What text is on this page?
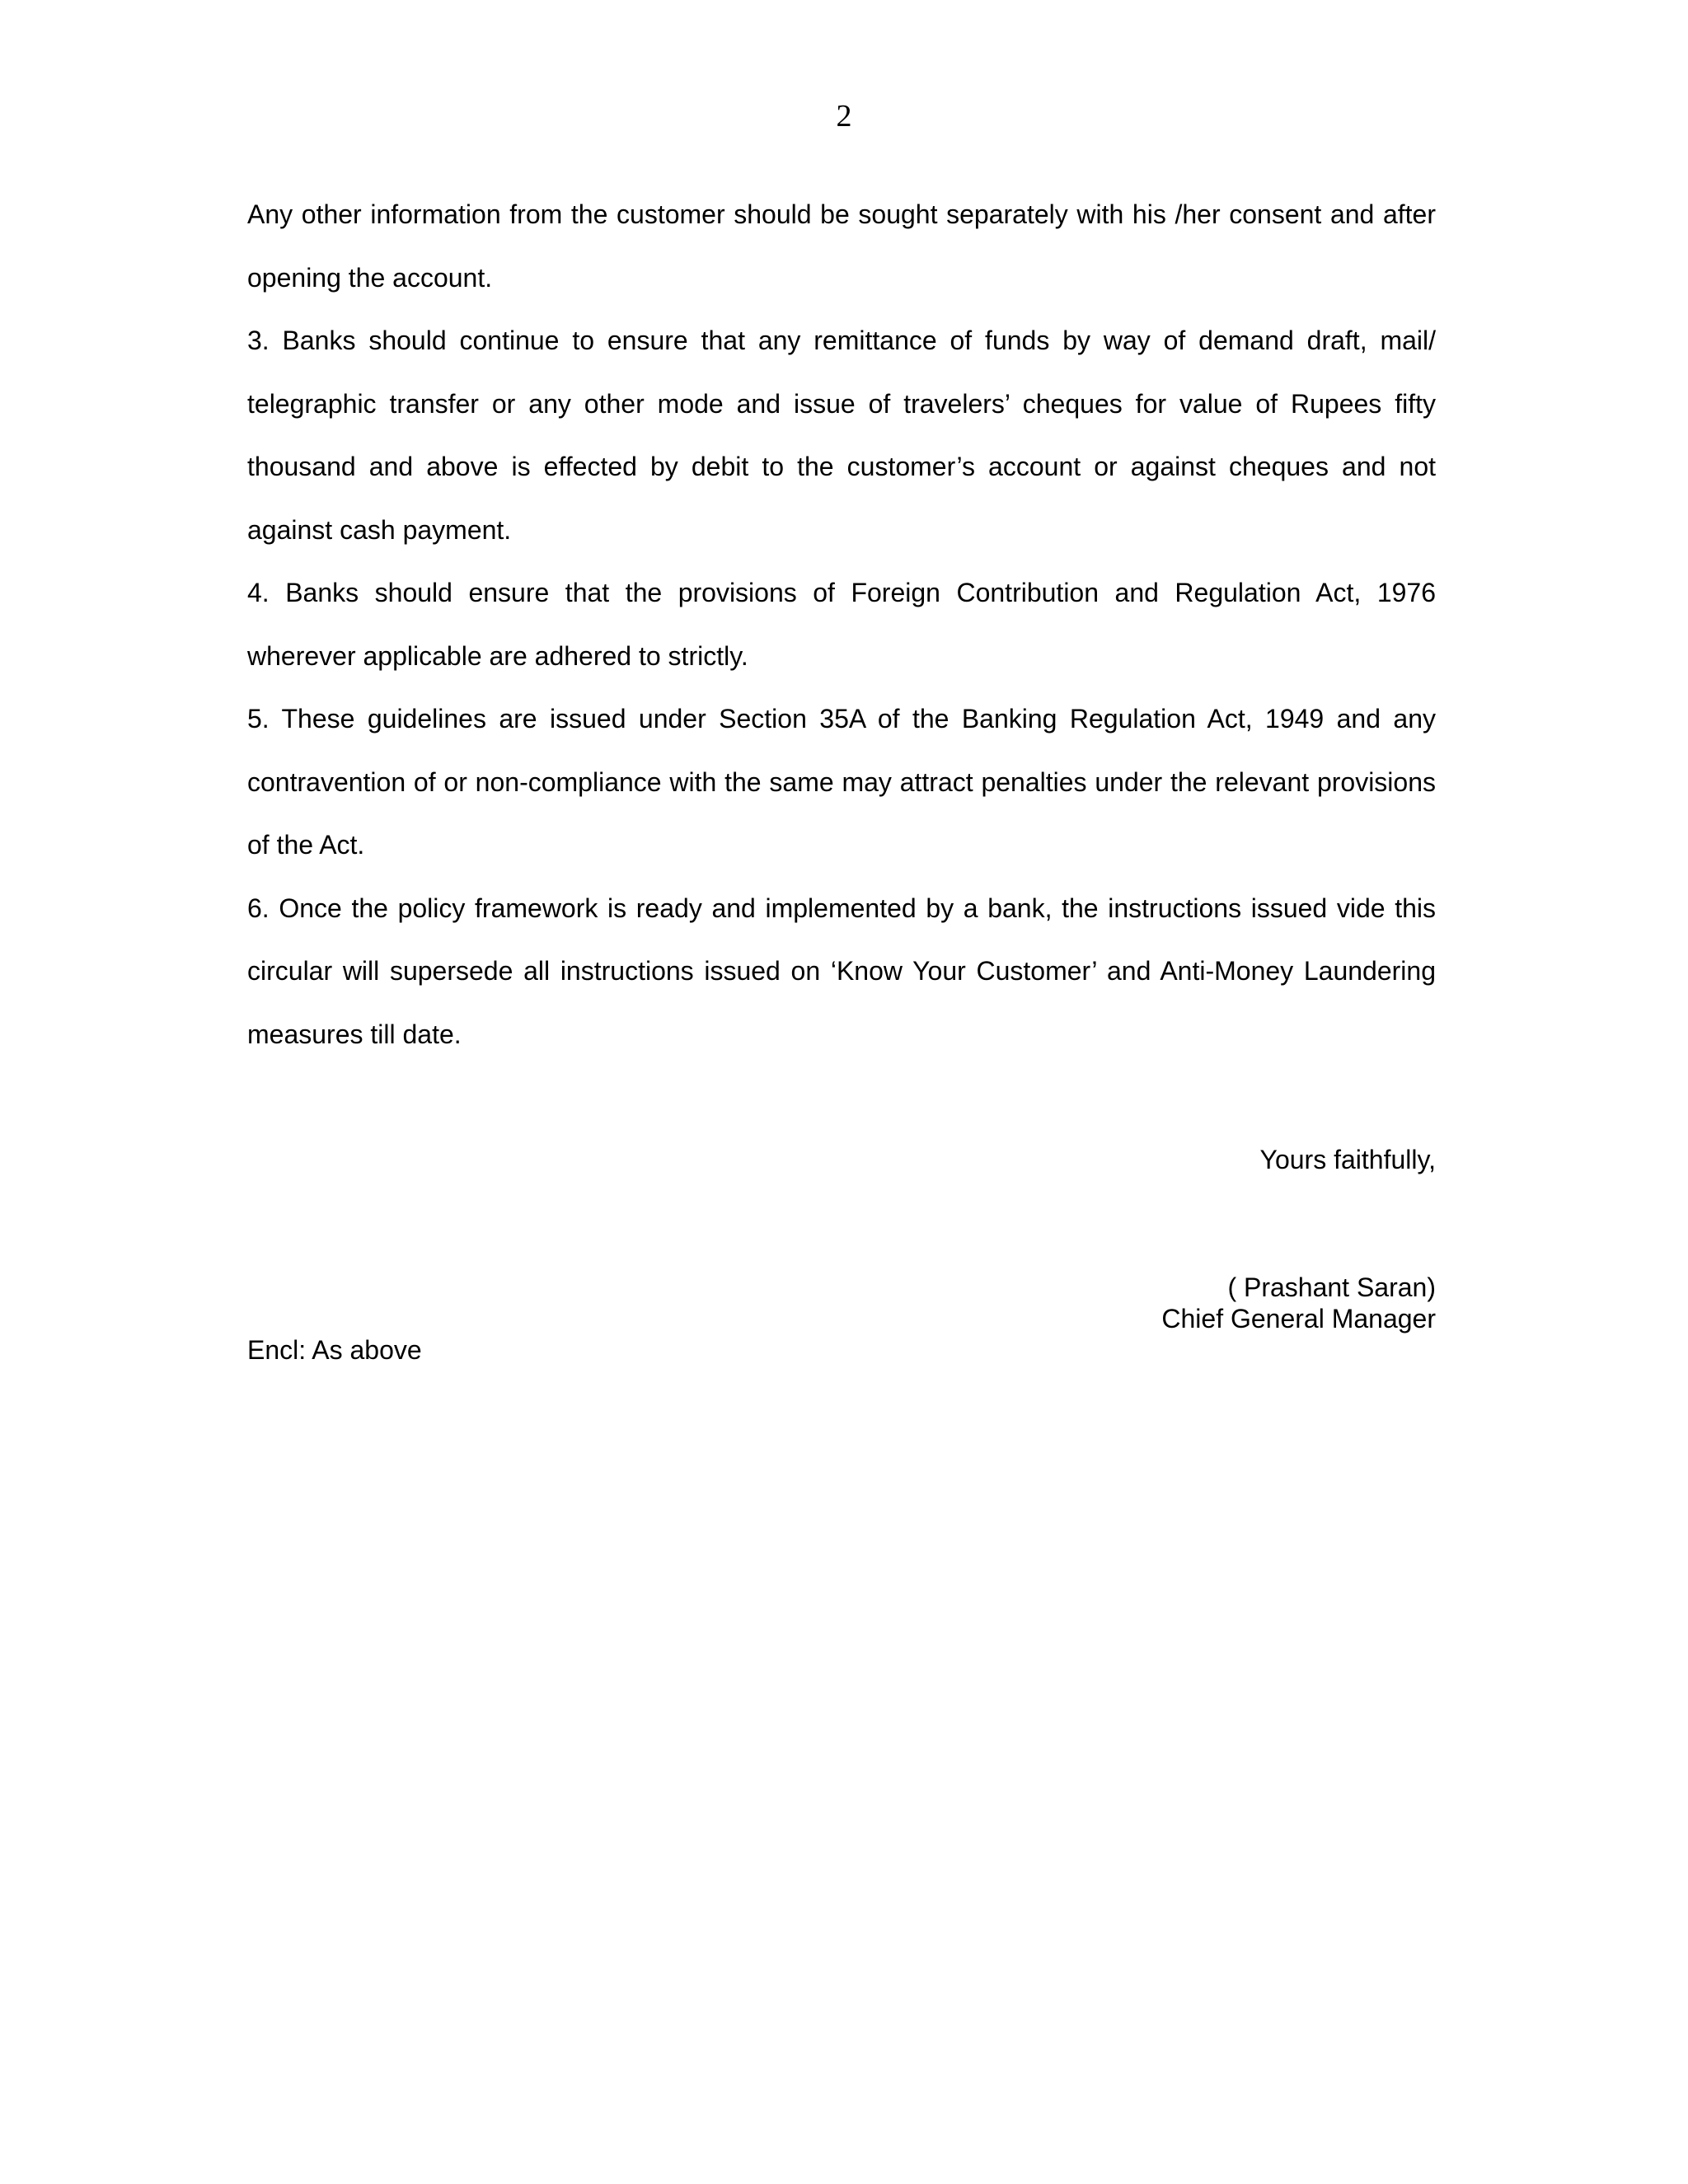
2

Any other information from the customer should be sought separately with his /her consent and after opening the account.

3. Banks should continue to ensure that any remittance of funds by way of demand draft, mail/ telegraphic transfer or any other mode and issue of travelers’ cheques for value of Rupees fifty thousand and above is effected by debit to the customer’s account or against cheques and not against cash payment.

4. Banks should ensure that the provisions of Foreign Contribution and Regulation Act, 1976 wherever applicable are adhered to strictly.

5. These guidelines are issued under Section 35A of the Banking Regulation Act, 1949 and any contravention of or non-compliance with the same may attract penalties under the relevant provisions of the Act.

6. Once the policy framework is ready and implemented by a bank, the instructions issued vide this circular will supersede all instructions issued on ‘Know Your Customer’ and Anti-Money Laundering measures till date.

Yours faithfully,
( Prashant Saran)
Chief General Manager
Encl: As above
